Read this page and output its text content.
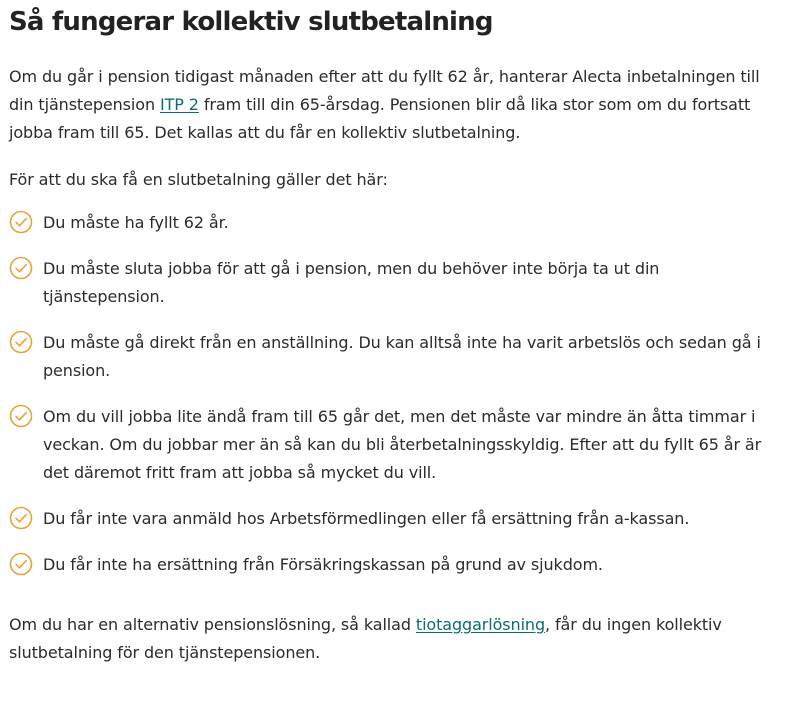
Så fungerar kollektiv slutbetalning

Om du går i pension tidigast månaden efter att du fyllt 62 år, hanterar Alecta inbetalningen till din tjänstepension ITP 2 fram till din 65-årsdag. Pensionen blir då lika stor som om du fortsatt jobba fram till 65. Det kallas att du får en kollektiv slutbetalning.

För att du ska få en slutbetalning gäller det här:

Du måste ha fyllt 62 år.
Du måste sluta jobba för att gå i pension, men du behöver inte börja ta ut din tjänstepension.
Du måste gå direkt från en anställning. Du kan alltså inte ha varit arbetslös och sedan gå i pension.
Om du vill jobba lite ändå fram till 65 går det, men det måste var mindre än åtta timmar i veckan. Om du jobbar mer än så kan du bli återbetalningsskyldig. Efter att du fyllt 65 år är det däremot fritt fram att jobba så mycket du vill.
Du får inte vara anmäld hos Arbetsförmedlingen eller få ersättning från a-kassan.
Du får inte ha ersättning från Försäkringskassan på grund av sjukdom.

Om du har en alternativ pensionslösning, så kallad tiotaggarlösning, får du ingen kollektiv slutbetalning för den tjänstepensionen.
